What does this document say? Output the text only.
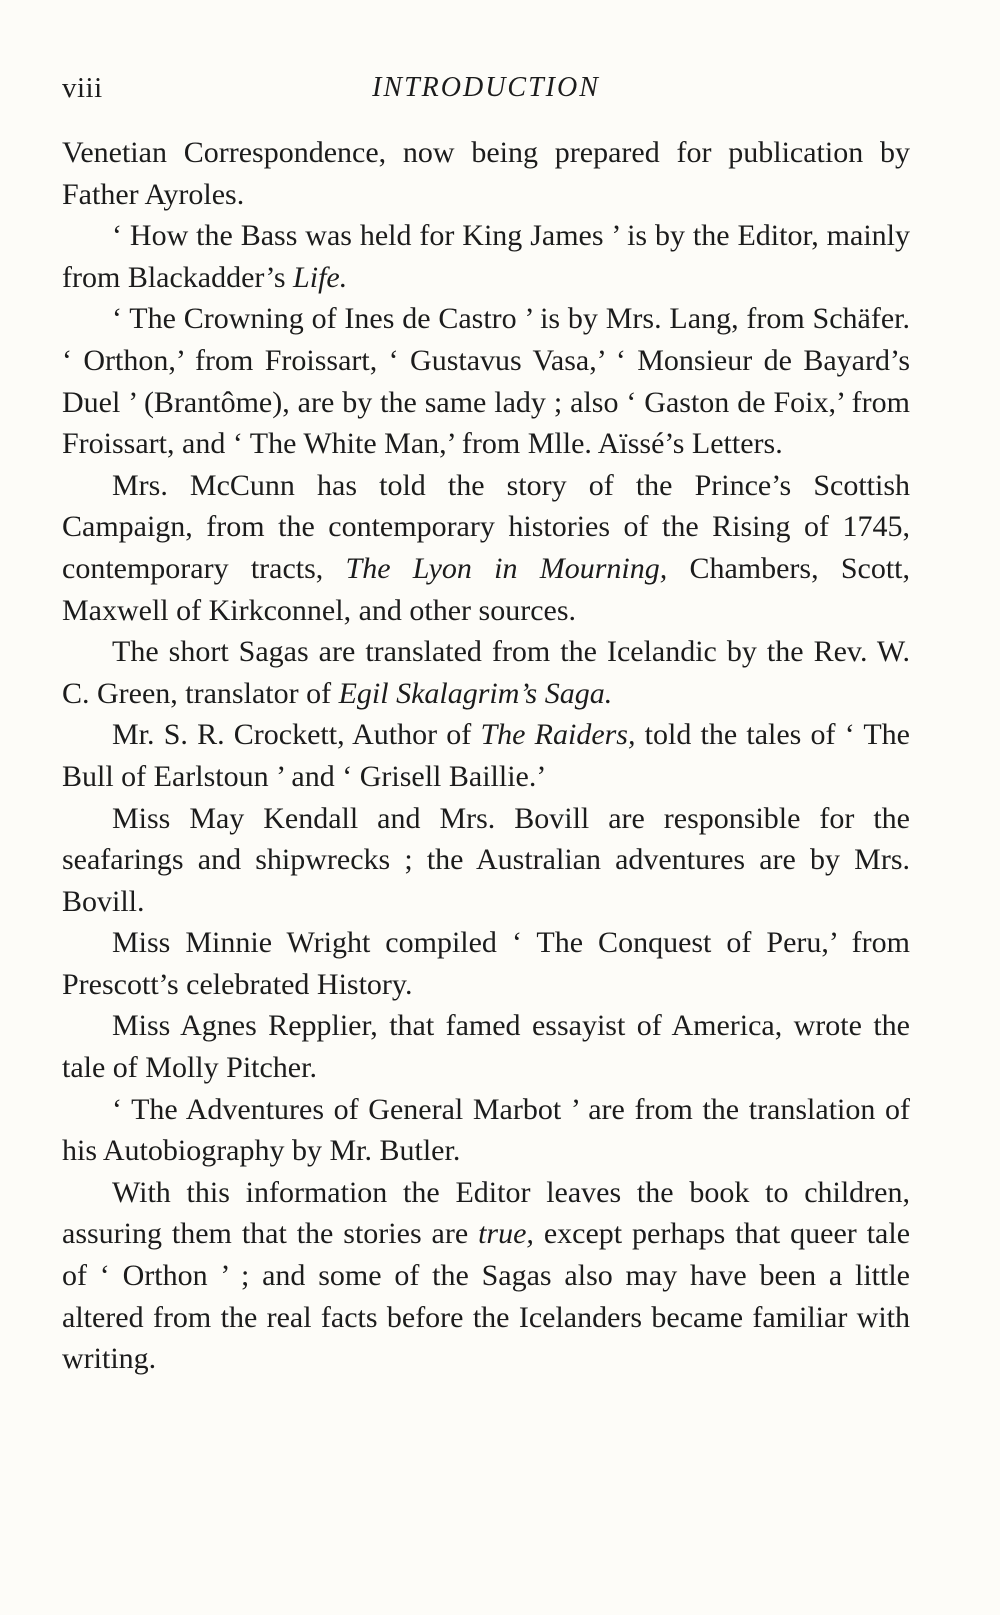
viii	INTRODUCTION

Venetian Correspondence, now being prepared for publication by Father Ayroles.

‘ How the Bass was held for King James ’ is by the Editor, mainly from Blackadder’s Life.

‘ The Crowning of Ines de Castro ’ is by Mrs. Lang, from Schäfer. ‘ Orthon,’ from Froissart, ‘ Gustavus Vasa,’ ‘ Monsieur de Bayard’s Duel ’ (Brantôme), are by the same lady ; also ‘ Gaston de Foix,’ from Froissart, and ‘ The White Man,’ from Mlle. Aïssé’s Letters.

Mrs. McCunn has told the story of the Prince’s Scottish Campaign, from the contemporary histories of the Rising of 1745, contemporary tracts, The Lyon in Mourning, Chambers, Scott, Maxwell of Kirkconnel, and other sources.

The short Sagas are translated from the Icelandic by the Rev. W. C. Green, translator of Egil Skalagrim’s Saga.

Mr. S. R. Crockett, Author of The Raiders, told the tales of ‘ The Bull of Earlstoun ’ and ‘ Grisell Baillie.’

Miss May Kendall and Mrs. Bovill are responsible for the seafarings and shipwrecks ; the Australian adventures are by Mrs. Bovill.

Miss Minnie Wright compiled ‘ The Conquest of Peru,’ from Prescott’s celebrated History.

Miss Agnes Repplier, that famed essayist of America, wrote the tale of Molly Pitcher.

‘ The Adventures of General Marbot ’ are from the translation of his Autobiography by Mr. Butler.

With this information the Editor leaves the book to children, assuring them that the stories are true, except perhaps that queer tale of ‘ Orthon ’ ; and some of the Sagas also may have been a little altered from the real facts before the Icelanders became familiar with writing.
